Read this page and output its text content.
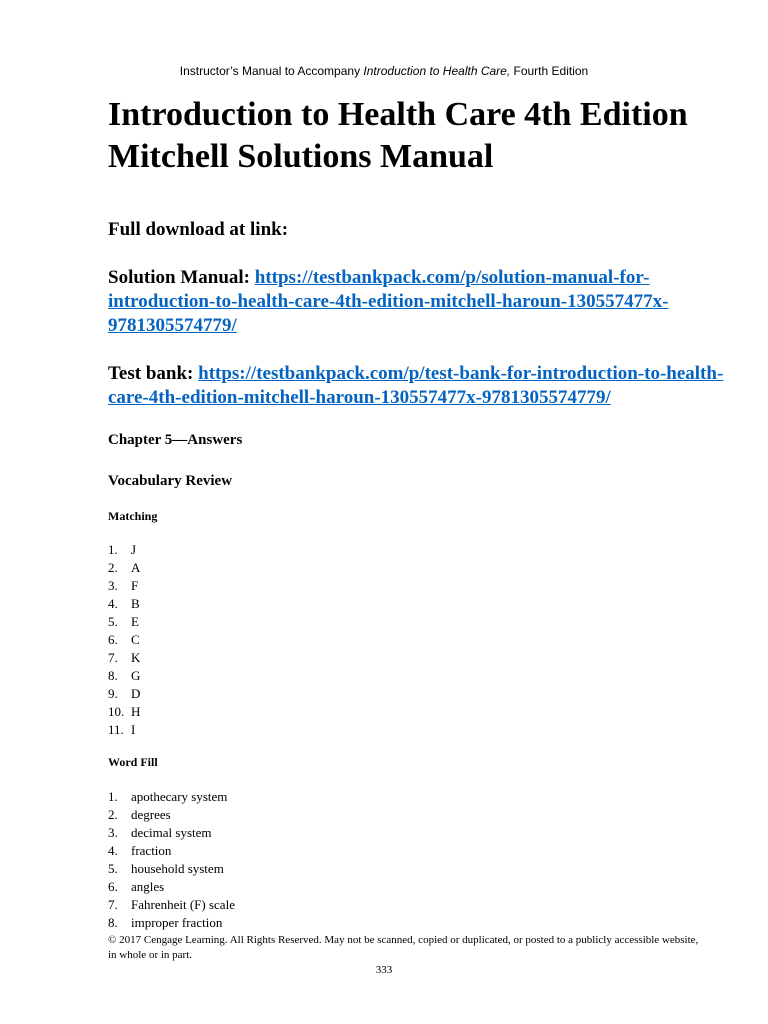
Instructor’s Manual to Accompany Introduction to Health Care, Fourth Edition
Introduction to Health Care 4th Edition
Mitchell Solutions Manual
Full download at link:
Solution Manual: https://testbankpack.com/p/solution-manual-for-introduction-to-health-care-4th-edition-mitchell-haroun-130557477x-9781305574779/
Test bank: https://testbankpack.com/p/test-bank-for-introduction-to-health-care-4th-edition-mitchell-haroun-130557477x-9781305574779/
Chapter 5—Answers
Vocabulary Review
Matching
1.	J
2.	A
3.	F
4.	B
5.	E
6.	C
7.	K
8.	G
9.	D
10. H
11. I
Word Fill
1.	apothecary system
2.	degrees
3.	decimal system
4.	fraction
5.	household system
6.	angles
7.	Fahrenheit (F) scale
8.	improper fraction
© 2017 Cengage Learning. All Rights Reserved. May not be scanned, copied or duplicated, or posted to a publicly accessible website, in whole or in part.
333
